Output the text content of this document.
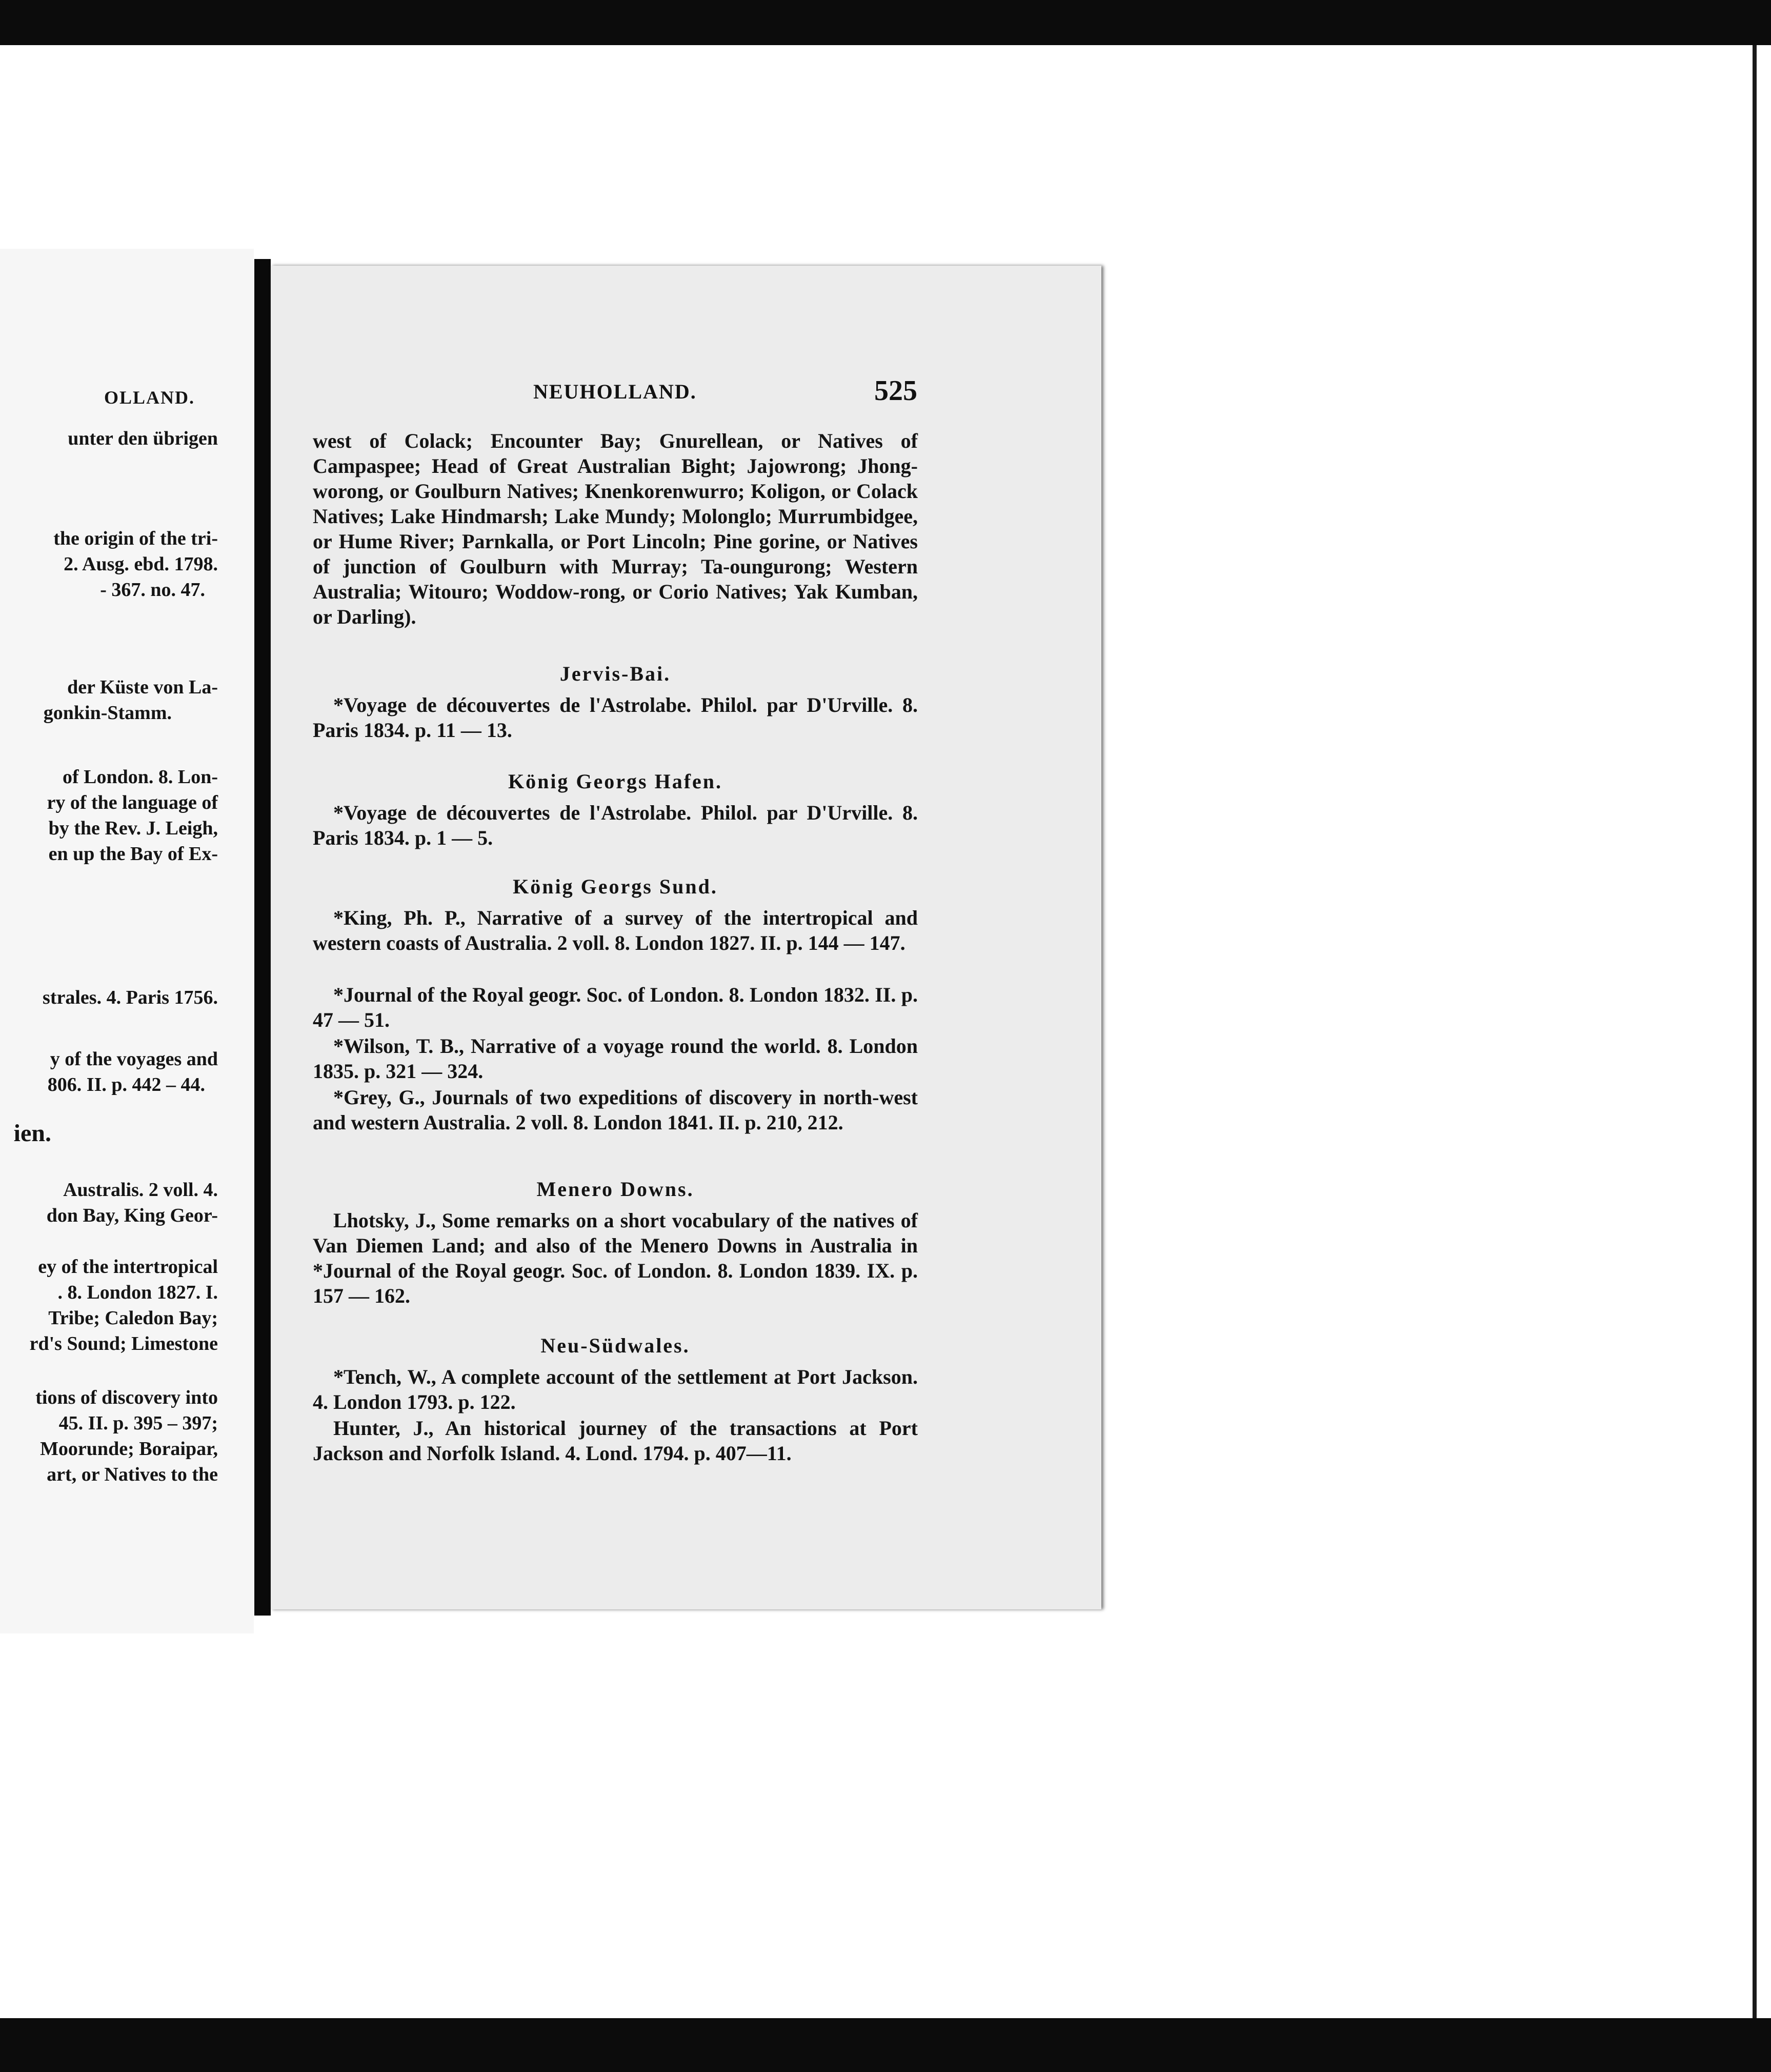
OLLAND.
unter den übrigen
the origin of the tri-
2. Ausg. ebd. 1798.
- 367. no. 47.
der Küste von La-
gonkin-Stamm.
of London. 8. Lon-
ry of the language of
by the Rev. J. Leigh,
en up the Bay of Ex-
strales. 4. Paris 1756.
y of the voyages and
806. II. p. 442 – 44.
ien.
Australis. 2 voll. 4.
don Bay, King Geor-
ey of the intertropical
. 8. London 1827. I.
Tribe; Caledon Bay;
rd's Sound; Limestone
tions of discovery into
45. II. p. 395 – 397;
Moorunde; Boraipar,
art, or Natives to the
NEUHOLLAND.	525
west of Colack; Encounter Bay; Gnurellean, or Natives of Campaspee; Head of Great Australian Bight; Jajowrong; Jhong-worong, or Goulburn Natives; Knenkorenwurro; Koligon, or Colack Natives; Lake Hindmarsh; Lake Mundy; Molonglo; Murrumbidgee, or Hume River; Parnkalla, or Port Lincoln; Pine gorine, or Natives of junction of Goulburn with Murray; Ta-oungurong; Western Australia; Witouro; Woddow-rong, or Corio Natives; Yak Kumban, or Darling).
Jervis-Bai.
*Voyage de découvertes de l'Astrolabe. Philol. par D'Urville. 8. Paris 1834. p. 11 — 13.
König Georgs Hafen.
*Voyage de découvertes de l'Astrolabe. Philol. par D'Urville. 8. Paris 1834. p. 1 — 5.
König Georgs Sund.
*King, Ph. P., Narrative of a survey of the intertropical and western coasts of Australia. 2 voll. 8. London 1827. II. p. 144 — 147.
*Journal of the Royal geogr. Soc. of London. 8. London 1832. II. p. 47 — 51.
*Wilson, T. B., Narrative of a voyage round the world. 8. London 1835. p. 321 — 324.
*Grey, G., Journals of two expeditions of discovery in north-west and western Australia. 2 voll. 8. London 1841. II. p. 210, 212.
Menero Downs.
Lhotsky, J., Some remarks on a short vocabulary of the natives of Van Diemen Land; and also of the Menero Downs in Australia in *Journal of the Royal geogr. Soc. of London. 8. London 1839. IX. p. 157 — 162.
Neu-Südwales.
*Tench, W., A complete account of the settlement at Port Jackson. 4. London 1793. p. 122.
Hunter, J., An historical journey of the transactions at Port Jackson and Norfolk Island. 4. Lond. 1794. p. 407—11.
